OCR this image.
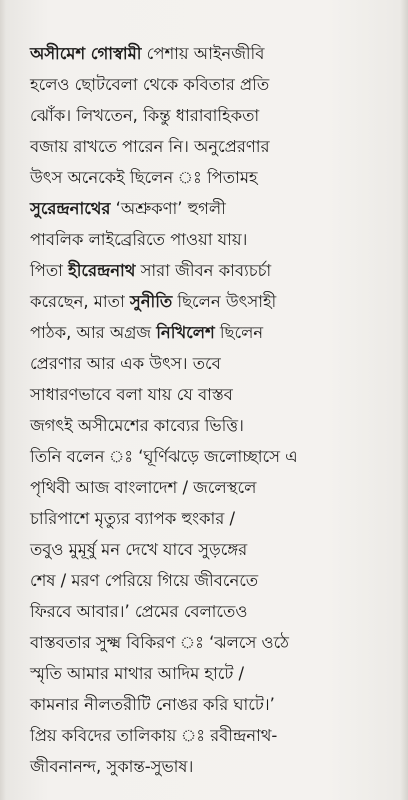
অসীমেশ গোস্বামী পেশায় আইনজীবি
হলেও ছোটবেলা থেকে কবিতার প্রতি
ঝোঁক। লিখতেন, কিন্তু ধারাবাহিকতা
বজায় রাখতে পারেন নি। অনুপ্রেরণার
উৎস অনেকেই ছিলেন ঃ পিতামহ
সুরেন্দ্রনাথের ‘অশ্রুকণা’ হুগলী
পাবলিক লাইব্রেরিতে পাওয়া যায়।
পিতা হীরেন্দ্রনাথ সারা জীবন কাব্যচর্চা
করেছেন, মাতা সুনীতি ছিলেন উৎসাহী
পাঠক, আর অগ্রজ নিখিলেশ ছিলেন
প্রেরণার আর এক উৎস। তবে
সাধারণভাবে বলা যায় যে বাস্তব
জগৎই অসীমেশের কাব্যের ভিত্তি।
তিনি বলেন ঃ ‘ঘূর্ণিঝড়ে জলোচ্ছাসে এ
পৃথিবী আজ বাংলাদেশ / জলেস্থলে
চারিপাশে মৃত্যুর ব্যাপক হুংকার /
তবুও মুমূর্ষু মন দেখে যাবে সুড়ঙ্গের
শেষ / মরণ পেরিয়ে গিয়ে জীবনেতে
ফিরবে আবার।’ প্রেমের বেলাতেও
বাস্তবতার সুক্ষ্ম বিকিরণ ঃ ‘ঝলসে ওঠে
স্মৃতি আমার মাথার আদিম হাটে /
কামনার নীলতরীটি নোঙর করি ঘাটে।’
প্রিয় কবিদের তালিকায় ঃ রবীন্দ্রনাথ-
জীবনানন্দ, সুকান্ত-সুভাষ।
